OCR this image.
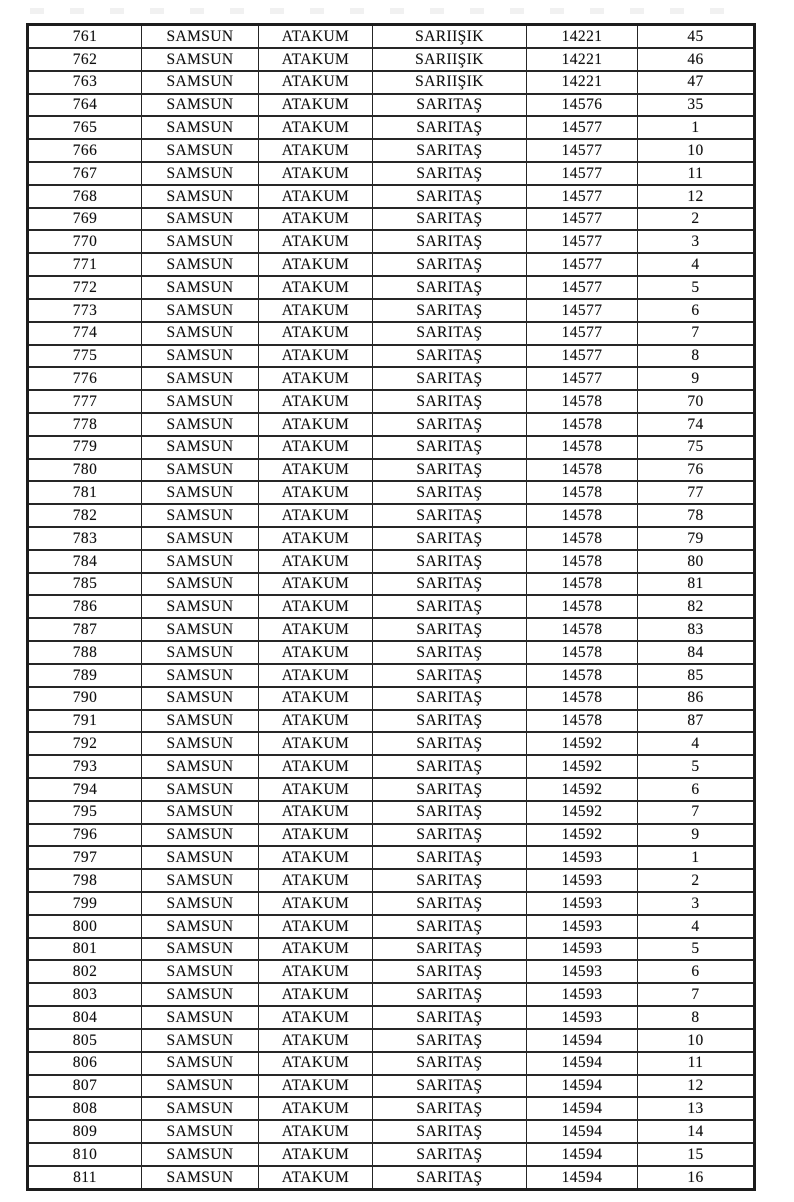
761	SAMSUN	ATAKUM	SARIIŞIK	14221	45
762	SAMSUN	ATAKUM	SARIIŞIK	14221	46
763	SAMSUN	ATAKUM	SARIIŞIK	14221	47
764	SAMSUN	ATAKUM	SARITAŞ	14576	35
765	SAMSUN	ATAKUM	SARITAŞ	14577	1
766	SAMSUN	ATAKUM	SARITAŞ	14577	10
767	SAMSUN	ATAKUM	SARITAŞ	14577	11
768	SAMSUN	ATAKUM	SARITAŞ	14577	12
769	SAMSUN	ATAKUM	SARITAŞ	14577	2
770	SAMSUN	ATAKUM	SARITAŞ	14577	3
771	SAMSUN	ATAKUM	SARITAŞ	14577	4
772	SAMSUN	ATAKUM	SARITAŞ	14577	5
773	SAMSUN	ATAKUM	SARITAŞ	14577	6
774	SAMSUN	ATAKUM	SARITAŞ	14577	7
775	SAMSUN	ATAKUM	SARITAŞ	14577	8
776	SAMSUN	ATAKUM	SARITAŞ	14577	9
777	SAMSUN	ATAKUM	SARITAŞ	14578	70
778	SAMSUN	ATAKUM	SARITAŞ	14578	74
779	SAMSUN	ATAKUM	SARITAŞ	14578	75
780	SAMSUN	ATAKUM	SARITAŞ	14578	76
781	SAMSUN	ATAKUM	SARITAŞ	14578	77
782	SAMSUN	ATAKUM	SARITAŞ	14578	78
783	SAMSUN	ATAKUM	SARITAŞ	14578	79
784	SAMSUN	ATAKUM	SARITAŞ	14578	80
785	SAMSUN	ATAKUM	SARITAŞ	14578	81
786	SAMSUN	ATAKUM	SARITAŞ	14578	82
787	SAMSUN	ATAKUM	SARITAŞ	14578	83
788	SAMSUN	ATAKUM	SARITAŞ	14578	84
789	SAMSUN	ATAKUM	SARITAŞ	14578	85
790	SAMSUN	ATAKUM	SARITAŞ	14578	86
791	SAMSUN	ATAKUM	SARITAŞ	14578	87
792	SAMSUN	ATAKUM	SARITAŞ	14592	4
793	SAMSUN	ATAKUM	SARITAŞ	14592	5
794	SAMSUN	ATAKUM	SARITAŞ	14592	6
795	SAMSUN	ATAKUM	SARITAŞ	14592	7
796	SAMSUN	ATAKUM	SARITAŞ	14592	9
797	SAMSUN	ATAKUM	SARITAŞ	14593	1
798	SAMSUN	ATAKUM	SARITAŞ	14593	2
799	SAMSUN	ATAKUM	SARITAŞ	14593	3
800	SAMSUN	ATAKUM	SARITAŞ	14593	4
801	SAMSUN	ATAKUM	SARITAŞ	14593	5
802	SAMSUN	ATAKUM	SARITAŞ	14593	6
803	SAMSUN	ATAKUM	SARITAŞ	14593	7
804	SAMSUN	ATAKUM	SARITAŞ	14593	8
805	SAMSUN	ATAKUM	SARITAŞ	14594	10
806	SAMSUN	ATAKUM	SARITAŞ	14594	11
807	SAMSUN	ATAKUM	SARITAŞ	14594	12
808	SAMSUN	ATAKUM	SARITAŞ	14594	13
809	SAMSUN	ATAKUM	SARITAŞ	14594	14
810	SAMSUN	ATAKUM	SARITAŞ	14594	15
811	SAMSUN	ATAKUM	SARITAŞ	14594	16
